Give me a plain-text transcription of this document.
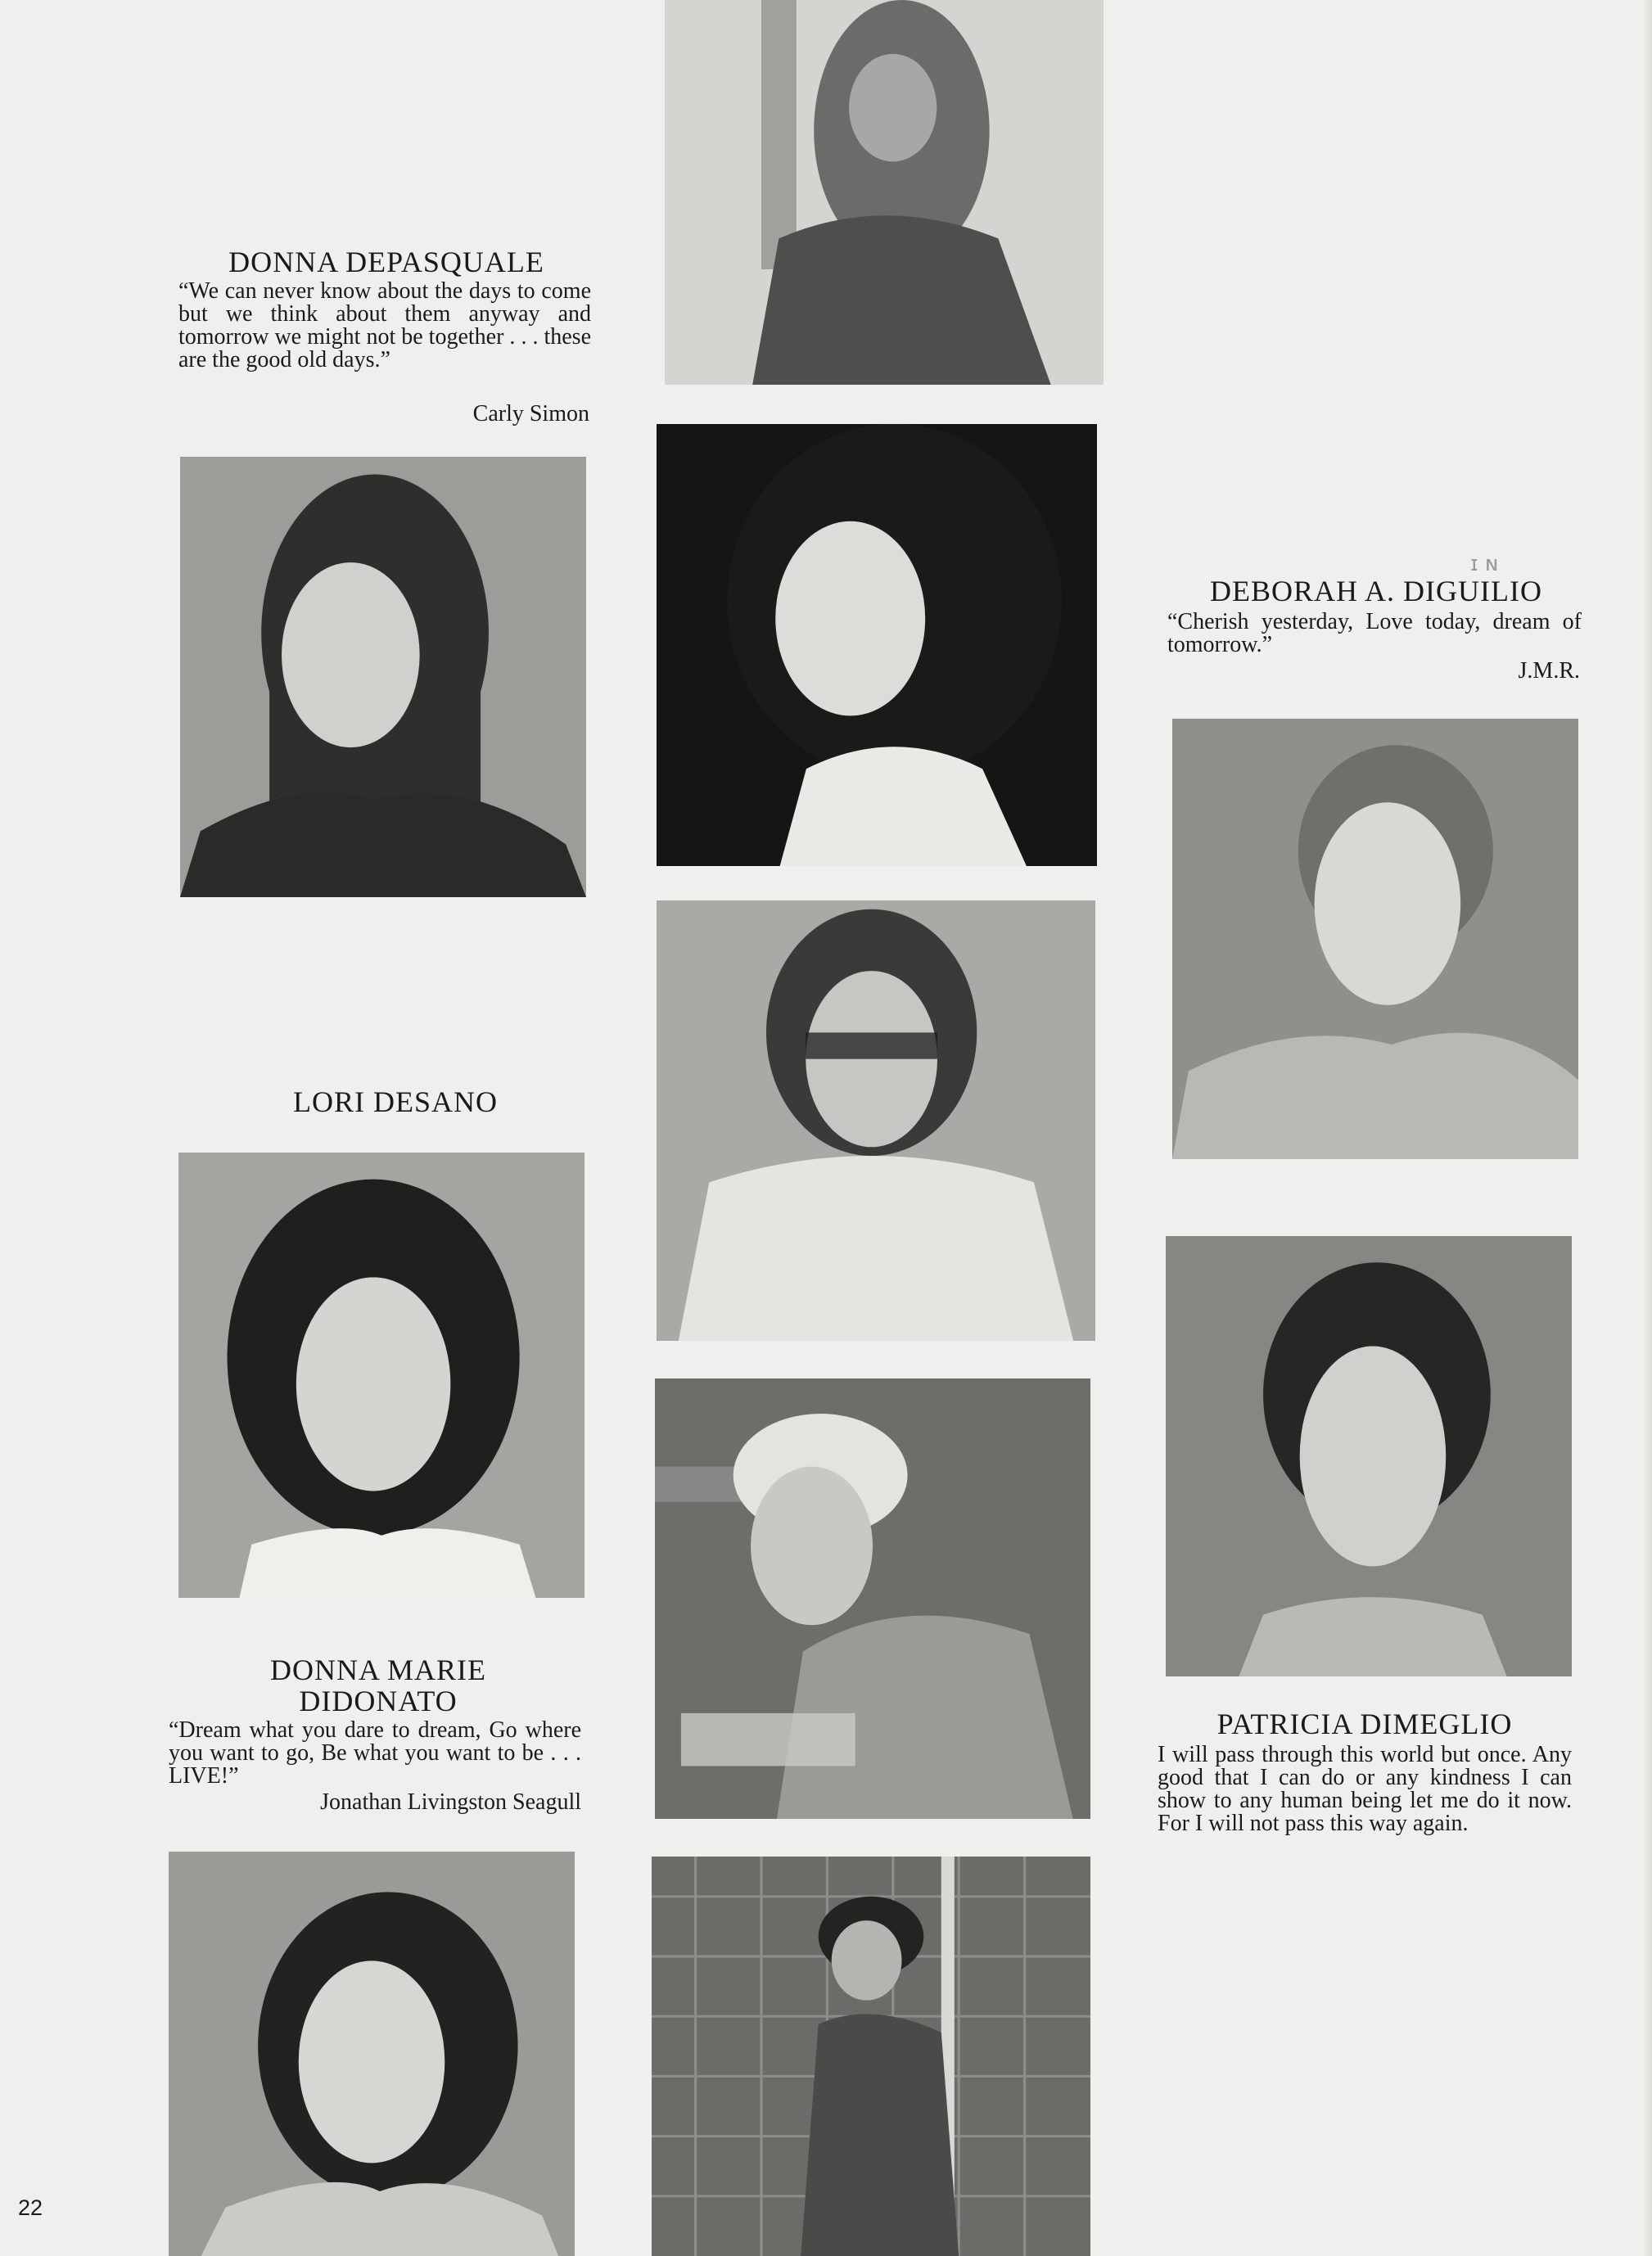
DONNA DEPASQUALE
“We can never know about the days to come but we think about them anyway and tomorrow we might not be together . . . these are the good old days.”
Carly Simon
LORI DESANO
DONNA MARIE
DIDONATO
“Dream what you dare to dream, Go where you want to go, Be what you want to be . . . LIVE!”
Jonathan Livingston Seagull
ɪ ɴ
DEBORAH A. DIGUILIO
“Cherish yesterday, Love today, dream of tomorrow.”
J.M.R.
PATRICIA DIMEGLIO
I will pass through this world but once. Any good that I can do or any kindness I can show to any human being let me do it now. For I will not pass this way again.
22
